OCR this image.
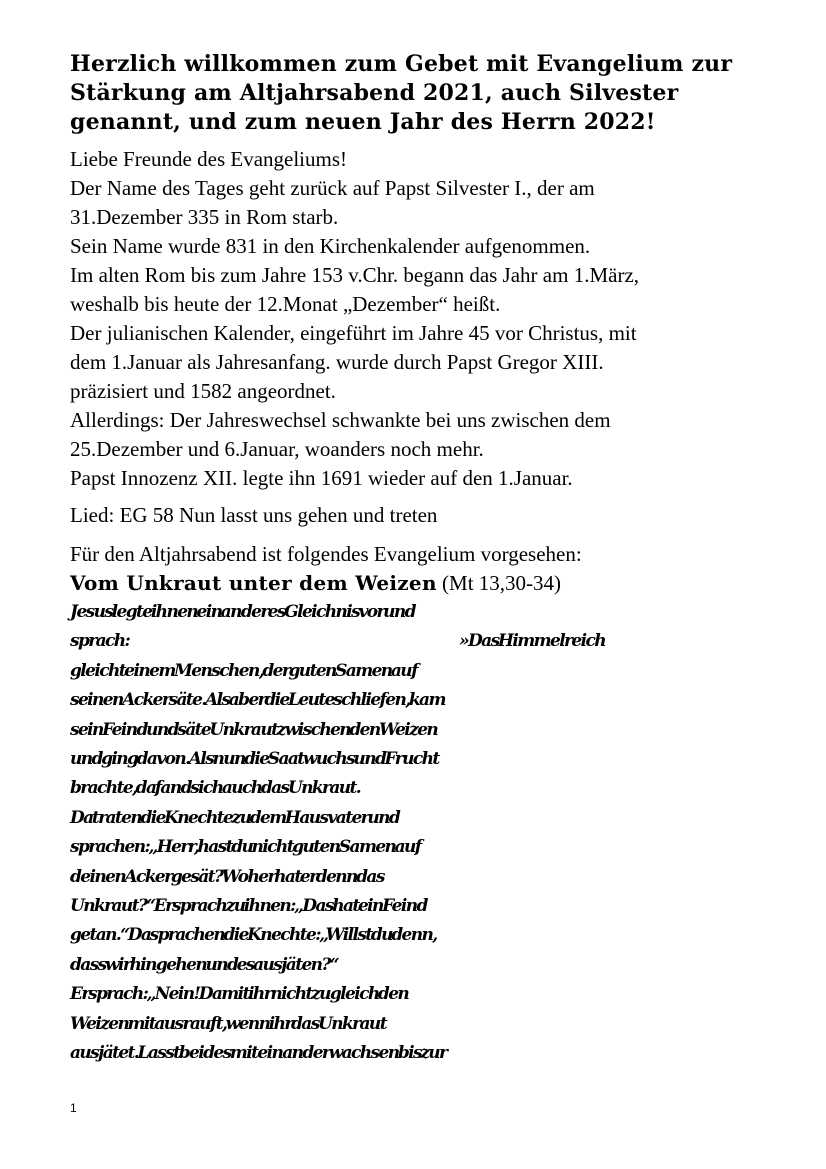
Herzlich willkommen zum Gebet mit Evangelium zur
Stärkung am Altjahrsabend 2021, auch Silvester
genannt, und zum neuen Jahr des Herrn 2022!
Liebe Freunde des Evangeliums!
Der Name des Tages geht zurück auf Papst Silvester I., der am
31.Dezember 335 in Rom starb.
Sein Name wurde 831 in den Kirchenkalender aufgenommen.
Im alten Rom bis zum Jahre 153 v.Chr. begann das Jahr am 1.März,
weshalb bis heute der 12.Monat „Dezember“ heißt.
Der julianischen Kalender, eingeführt im Jahre 45 vor Christus, mit
dem 1.Januar als Jahresanfang. wurde durch Papst Gregor XIII.
präzisiert und 1582 angeordnet.
Allerdings: Der Jahreswechsel schwankte bei uns zwischen dem
25.Dezember und 6.Januar, woanders noch mehr.
Papst Innozenz XII. legte ihn 1691 wieder auf den 1.Januar.

Lied: EG 58 Nun lasst uns gehen und treten

Für den Altjahrsabend ist folgendes Evangelium vorgesehen:

Vom Unkraut unter dem Weizen (Mt 13,30-34)

Jesus legte ihnen ein anderes Gleichnis vor und
sprach:	»Das Himmelreich
gleicht einem Menschen, der guten Samen auf
seinen Acker säte. Als aber die Leute schliefen, kam
sein Feind und säte Unkraut zwischen den Weizen
und ging davon. Als nun die Saat wuchs und Frucht
brachte, da fand sich auch das Unkraut.
Da traten die Knechte zu dem Hausvater und
sprachen: „Herr, hast du nicht guten Samen auf
deinen Acker gesät? Woher hat er denn das
Unkraut?“ Er sprach zu ihnen: „Das hat ein Feind
getan.“ Da sprachen die Knechte: „Willst du denn,
dass wir hingehen und es ausjäten?“
Er sprach: „Nein! Damit ihr nicht zugleich den
Weizen mit ausrauft, wenn ihr das Unkraut
ausjätet. Lasst beides miteinander wachsen bis zur
1
